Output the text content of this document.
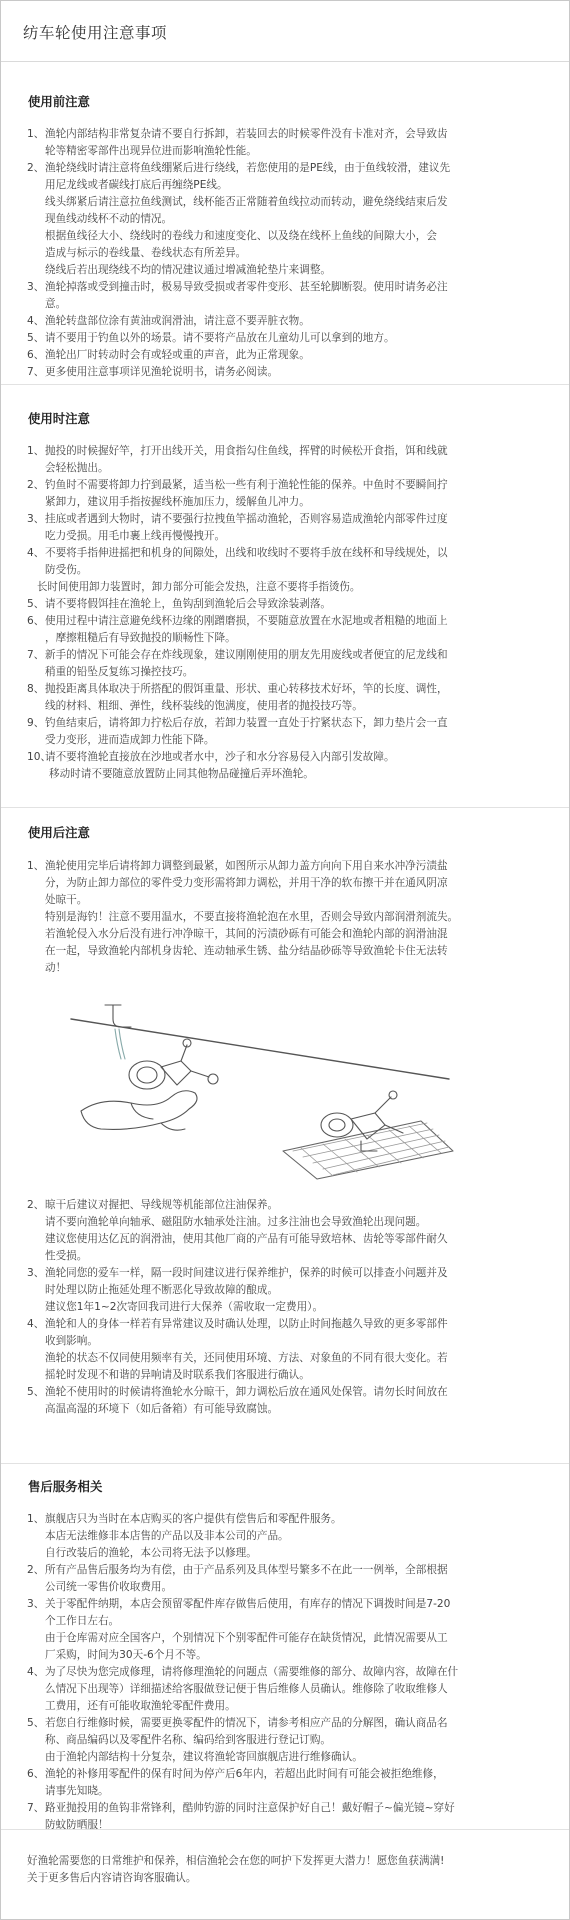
纺车轮使用注意事项
使用前注意
1、 渔轮内部结构非常复杂请不要自行拆卸，若装回去的时候零件没有卡准对齐，会导致齿
轮等精密零部件出现异位进而影响渔轮性能。
2、 渔轮绕线时请注意将鱼线绷紧后进行绕线，若您使用的是PE线，由于鱼线较滑，建议先
用尼龙线或者碳线打底后再缠绕PE线。
线头绑紧后请注意拉鱼线测试，线杯能否正常随着鱼线拉动而转动，避免绕线结束后发
现鱼线动线杯不动的情况。
根据鱼线径大小、绕线时的卷线力和速度变化、以及绕在线杯上鱼线的间隙大小，会
造成与标示的卷线量、卷线状态有所差异。
绕线后若出现绕线不均的情况建议通过增减渔轮垫片来调整。
3、 渔轮掉落或受到撞击时，极易导致受损或者零件变形、甚至轮脚断裂。使用时请务必注
意。
4、 渔轮转盘部位涂有黄油或润滑油，请注意不要弄脏衣物。
5、 请不要用于钓鱼以外的场景。请不要将产品放在儿童幼儿可以拿到的地方。
6、 渔轮出厂时转动时会有或轻或重的声音，此为正常现象。
7、 更多使用注意事项详见渔轮说明书，请务必阅读。
使用时注意
1、 抛投的时候握好竿，打开出线开关，用食指勾住鱼线，挥臂的时候松开食指，饵和线就
会轻松抛出。
2、 钓鱼时不需要将卸力拧到最紧，适当松一些有利于渔轮性能的保养。中鱼时不要瞬间拧
紧卸力，建议用手指按握线杯施加压力，缓解鱼儿冲力。
3、 挂底或者遇到大物时，请不要强行拉拽鱼竿摇动渔轮，否则容易造成渔轮内部零件过度
吃力受损。用毛巾裹上线再慢慢拽开。
4、 不要将手指伸进摇把和机身的间隙处，出线和收线时不要将手放在线杯和导线规处，以
防受伤。
长时间使用卸力装置时，卸力部分可能会发热，注意不要将手指烫伤。
5、 请不要将假饵挂在渔轮上，鱼钩刮到渔轮后会导致涂装剥落。
6、 使用过程中请注意避免线杯边缘的刚蹭磨损，不要随意放置在水泥地或者粗糙的地面上
，摩擦粗糙后有导致抛投的顺畅性下降。
7、 新手的情况下可能会存在炸线现象，建议刚刚使用的朋友先用废线或者便宜的尼龙线和
稍重的铅坠反复练习操控技巧。
8、 抛投距离具体取决于所搭配的假饵重量、形状、重心转移技术好坏，竿的长度、调性，
线的材料、粗细、弹性，线杯装线的饱满度，使用者的抛投技巧等。
9、 钓鱼结束后，请将卸力拧松后存放，若卸力装置一直处于拧紧状态下，卸力垫片会一直
受力变形，进而造成卸力性能下降。
10、
请不要将渔轮直接放在沙地或者水中，沙子和水分容易侵入内部引发故障。
移动时请不要随意放置防止同其他物品碰撞后弄坏渔轮。
使用后注意
1、 渔轮使用完毕后请将卸力调整到最紧，如图所示从卸力盖方向向下用自来水冲净污渍盐
分，为防止卸力部位的零件受力变形需将卸力调松，并用干净的软布擦干并在通风阴凉
处晾干。
特别是海钓！注意不要用温水，不要直接将渔轮泡在水里，否则会导致内部润滑剂流失。
若渔轮侵入水分后没有进行冲净晾干，其间的污渍砂砾有可能会和渔轮内部的润滑油混
在一起，导致渔轮内部机身齿轮、连动轴承生锈、盐分结晶砂砾等导致渔轮卡住无法转
动！
2、 晾干后建议对握把、导线规等机能部位注油保养。
请不要向渔轮单向轴承、磁阻防水轴承处注油。过多注油也会导致渔轮出现问题。
建议您使用达亿瓦的润滑油，使用其他厂商的产品有可能导致培林、齿轮等零部件耐久
性受损。
3、 渔轮同您的爱车一样，隔一段时间建议进行保养维护，保养的时候可以排查小问题并及
时处理以防止拖延处理不断恶化导致故障的酿成。
建议您1年1~2次寄回我司进行大保养（需收取一定费用）。
4、 渔轮和人的身体一样若有异常建议及时确认处理，以防止时间拖越久导致的更多零部件
收到影响。
渔轮的状态不仅同使用频率有关，还同使用环境、方法、对象鱼的不同有很大变化。若
摇轮时发现不和谐的异响请及时联系我们客服进行确认。
5、 渔轮不使用时的时候请将渔轮水分晾干，卸力调松后放在通风处保管。请勿长时间放在
高温高湿的环境下（如后备箱）有可能导致腐蚀。
售后服务相关
1、 旗舰店只为当时在本店购买的客户提供有偿售后和零配件服务。
本店无法维修非本店售的产品以及非本公司的产品。
自行改装后的渔轮，本公司将无法予以修理。
2、 所有产品售后服务均为有偿，由于产品系列及具体型号繁多不在此一一例举，全部根据
公司统一零售价收取费用。
3、 关于零配件纳期，本店会预留零配件库存做售后使用，有库存的情况下调拨时间是7-20
个工作日左右。
由于仓库需对应全国客户，个别情况下个别零配件可能存在缺货情况，此情况需要从工
厂采购，时间为30天-6个月不等。
4、 为了尽快为您完成修理，请将修理渔轮的问题点（需要维修的部分、故障内容，故障在什
么情况下出现等）详细描述给客服做登记便于售后维修人员确认。维修除了收取维修人
工费用，还有可能收取渔轮零配件费用。
5、 若您自行维修时候，需要更换零配件的情况下，请参考相应产品的分解图，确认商品名
称、商品编码以及零配件名称、编码给到客服进行登记订购。
由于渔轮内部结构十分复杂，建议将渔轮寄回旗舰店进行维修确认。
6、 渔轮的补修用零配件的保有时间为停产后6年内，若超出此时间有可能会被拒绝维修，
请事先知晓。
7、 路亚抛投用的鱼钩非常锋利，酷帅钓游的同时注意保护好自己！戴好帽子~偏光镜~穿好
防蚊防晒服！
好渔轮需要您的日常维护和保养，相信渔轮会在您的呵护下发挥更大潜力！愿您鱼获满满!
关于更多售后内容请咨询客服确认。
